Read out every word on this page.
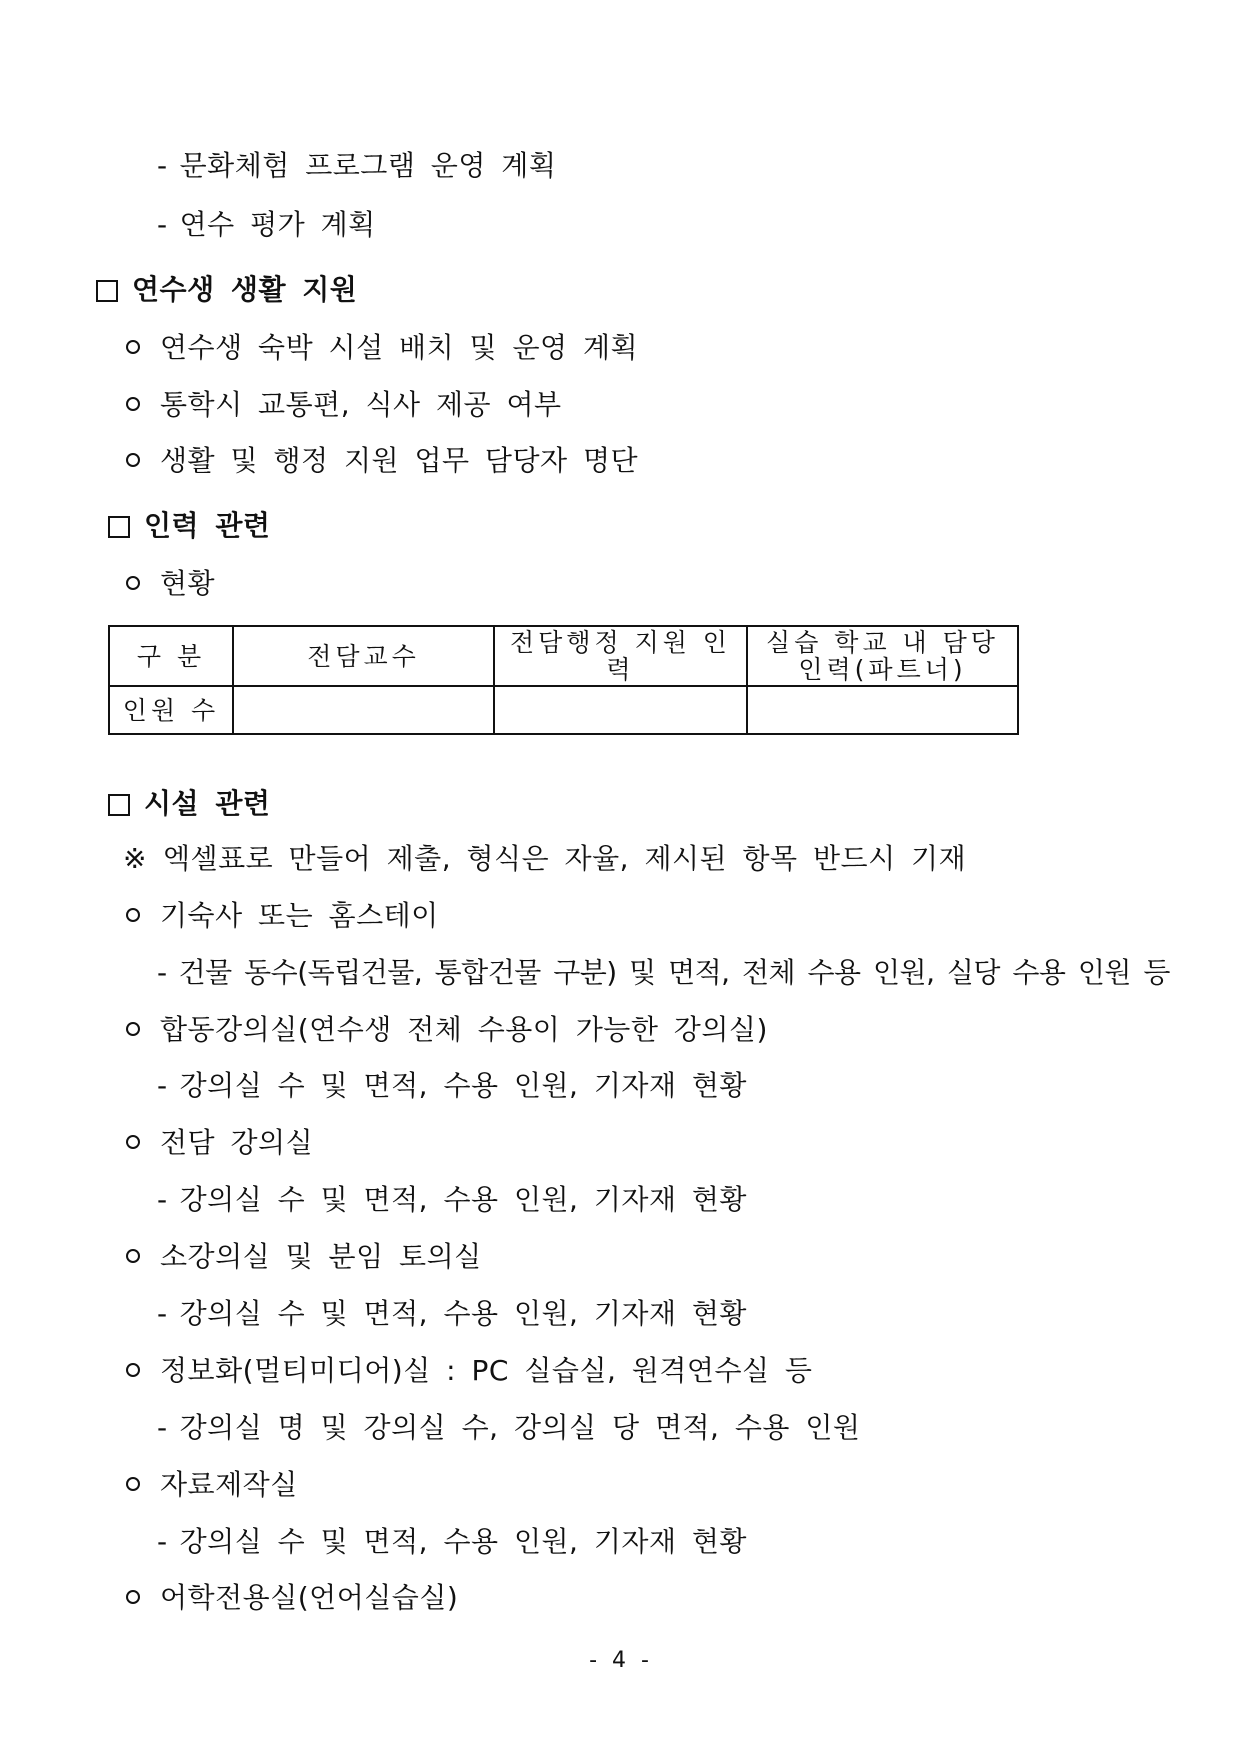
- 문화체험 프로그램 운영 계획
- 연수 평가 계획
연수생 생활 지원
연수생 숙박 시설 배치 및 운영 계획
통학시 교통편, 식사 제공 여부
생활 및 행정 지원 업무 담당자 명단
인력 관련
현황
구 분	전담교수	전담행정 지원 인력	실습 학교 내 담당 인력(파트너)
인원 수			
시설 관련
※ 엑셀표로 만들어 제출, 형식은 자율, 제시된 항목 반드시 기재
기숙사 또는 홈스테이
- 건물 동수(독립건물, 통합건물 구분) 및 면적, 전체 수용 인원, 실당 수용 인원 등
합동강의실(연수생 전체 수용이 가능한 강의실)
- 강의실 수 및 면적, 수용 인원, 기자재 현황
전담 강의실
- 강의실 수 및 면적, 수용 인원, 기자재 현황
소강의실 및 분임 토의실
- 강의실 수 및 면적, 수용 인원, 기자재 현황
정보화(멀티미디어)실 : PC 실습실, 원격연수실 등
- 강의실 명 및 강의실 수, 강의실 당 면적, 수용 인원
자료제작실
- 강의실 수 및 면적, 수용 인원, 기자재 현황
어학전용실(언어실습실)
- 4 -
